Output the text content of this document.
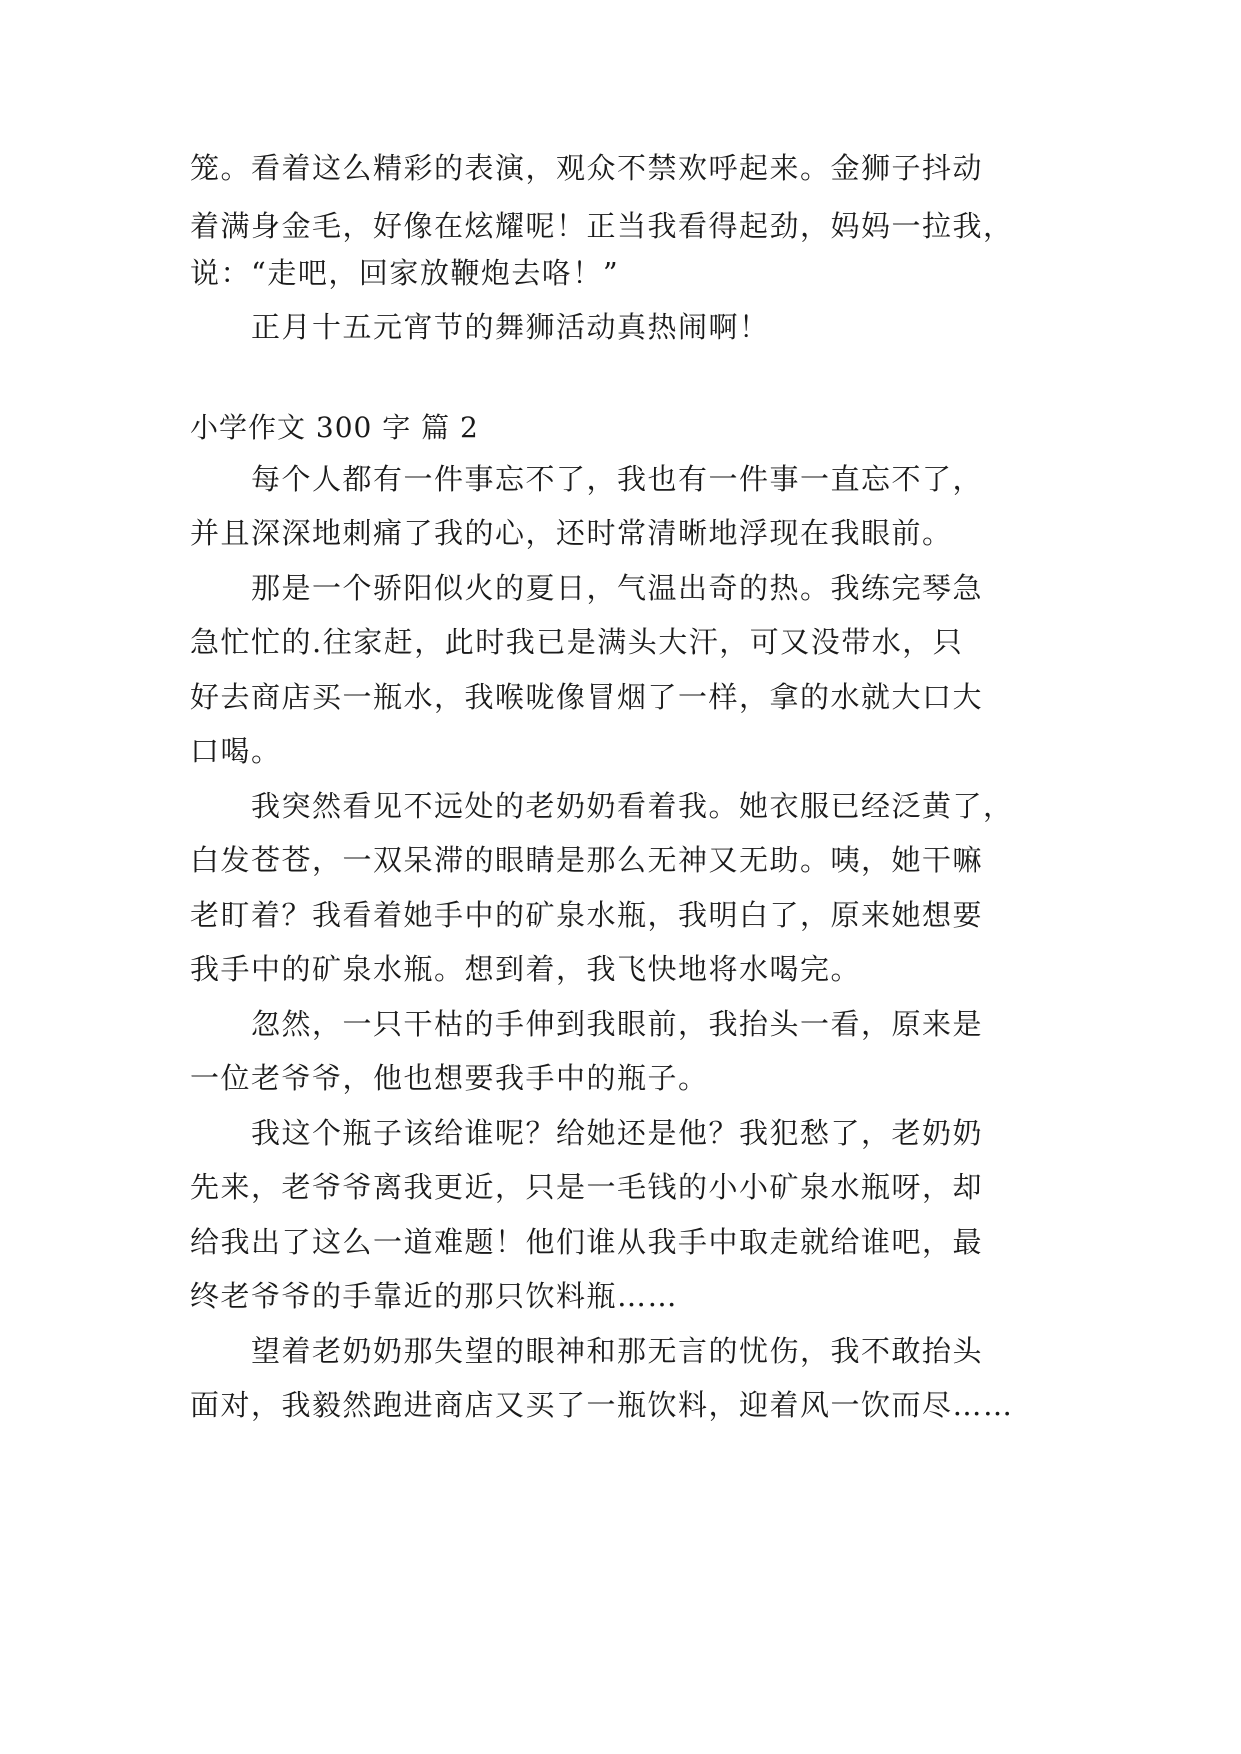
笼。看着这么精彩的表演，观众不禁欢呼起来。金狮子抖动
着满身金毛，好像在炫耀呢！正当我看得起劲，妈妈一拉我，
说：“走吧，回家放鞭炮去咯！”
　　正月十五元宵节的舞狮活动真热闹啊！
小学作文 300 字 篇 2
　　每个人都有一件事忘不了，我也有一件事一直忘不了，
并且深深地刺痛了我的心，还时常清晰地浮现在我眼前。
　　那是一个骄阳似火的夏日，气温出奇的热。我练完琴急
急忙忙的.往家赶，此时我已是满头大汗，可又没带水，只
好去商店买一瓶水，我喉咙像冒烟了一样，拿的水就大口大
口喝。
　　我突然看见不远处的老奶奶看着我。她衣服已经泛黄了，
白发苍苍，一双呆滞的眼睛是那么无神又无助。咦，她干嘛
老盯着？我看着她手中的矿泉水瓶，我明白了，原来她想要
我手中的矿泉水瓶。想到着，我飞快地将水喝完。
　　忽然，一只干枯的手伸到我眼前，我抬头一看，原来是
一位老爷爷，他也想要我手中的瓶子。
　　我这个瓶子该给谁呢？给她还是他？我犯愁了，老奶奶
先来，老爷爷离我更近，只是一毛钱的小小矿泉水瓶呀，却
给我出了这么一道难题！他们谁从我手中取走就给谁吧，最
终老爷爷的手靠近的那只饮料瓶……
　　望着老奶奶那失望的眼神和那无言的忧伤，我不敢抬头
面对，我毅然跑进商店又买了一瓶饮料，迎着风一饮而尽……
